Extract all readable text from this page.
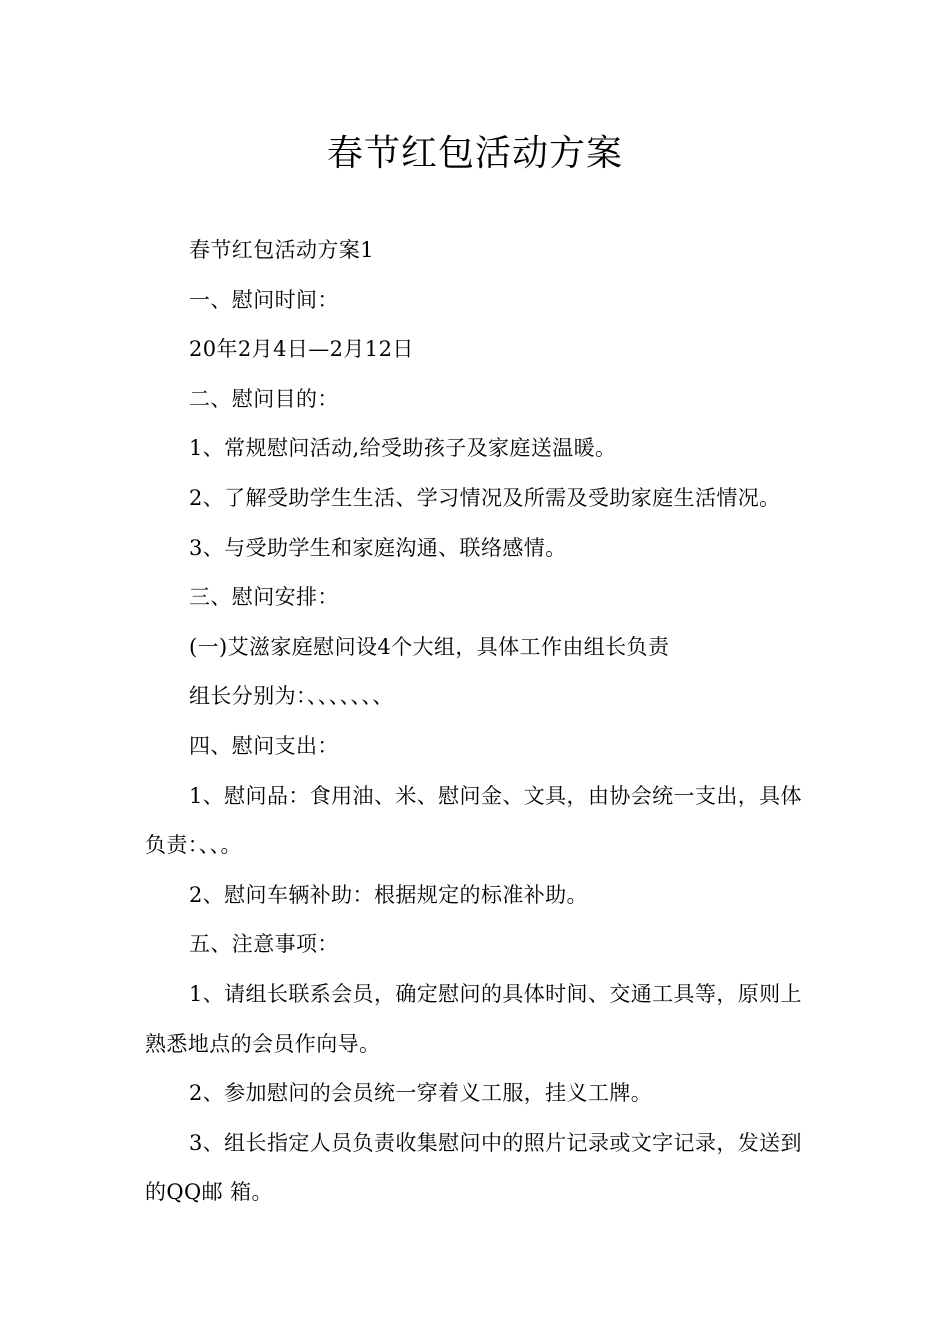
春节红包活动方案

春节红包活动方案1

一、慰问时间：

20年2月4日—2月12日

二、慰问目的：

1、常规慰问活动,给受助孩子及家庭送温暖。

2、了解受助学生生活、学习情况及所需及受助家庭生活情况。

3、与受助学生和家庭沟通、联络感情。

三、慰问安排：

(一)艾滋家庭慰问设4个大组，具体工作由组长负责

组长分别为：、、、、、、、

四、慰问支出：

1、慰问品：食用油、米、慰问金、文具，由协会统一支出，具体负责：、、。

2、慰问车辆补助：根据规定的标准补助。

五、注意事项：

1、请组长联系会员，确定慰问的具体时间、交通工具等，原则上熟悉地点的会员作向导。

2、参加慰问的会员统一穿着义工服，挂义工牌。

3、组长指定人员负责收集慰问中的照片记录或文字记录，发送到的QQ邮 箱。
